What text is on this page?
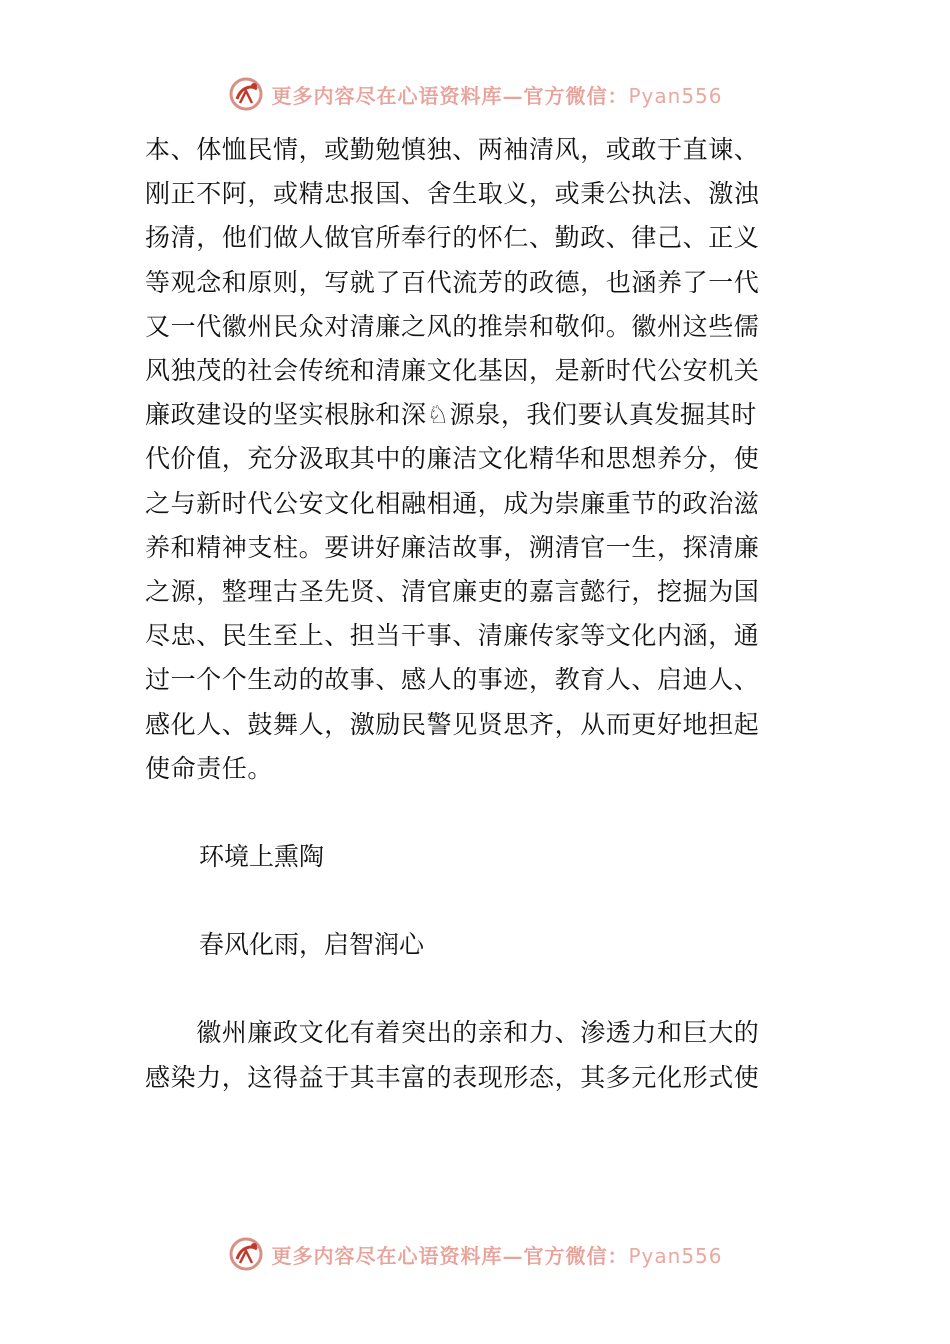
更多内容尽在心语资料库—官方微信：Pyan556
本、体恤民情，或勤勉慎独、两袖清风，或敢于直谏、
刚正不阿，或精忠报国、舍生取义，或秉公执法、激浊
扬清，他们做人做官所奉行的怀仁、勤政、律己、正义
等观念和原则，写就了百代流芳的政德，也涵养了一代
又一代徽州民众对清廉之风的推崇和敬仰。徽州这些儒
风独茂的社会传统和清廉文化基因，是新时代公安机关
廉政建设的坚实根脉和深♘源泉，我们要认真发掘其时
代价值，充分汲取其中的廉洁文化精华和思想养分，使
之与新时代公安文化相融相通，成为崇廉重节的政治滋
养和精神支柱。要讲好廉洁故事，溯清官一生，探清廉
之源，整理古圣先贤、清官廉吏的嘉言懿行，挖掘为国
尽忠、民生至上、担当干事、清廉传家等文化内涵，通
过一个个生动的故事、感人的事迹，教育人、启迪人、
感化人、鼓舞人，激励民警见贤思齐，从而更好地担起
使命责任。
环境上熏陶
春风化雨，启智润心
　　徽州廉政文化有着突出的亲和力、渗透力和巨大的
感染力，这得益于其丰富的表现形态，其多元化形式使
更多内容尽在心语资料库—官方微信：Pyan556
